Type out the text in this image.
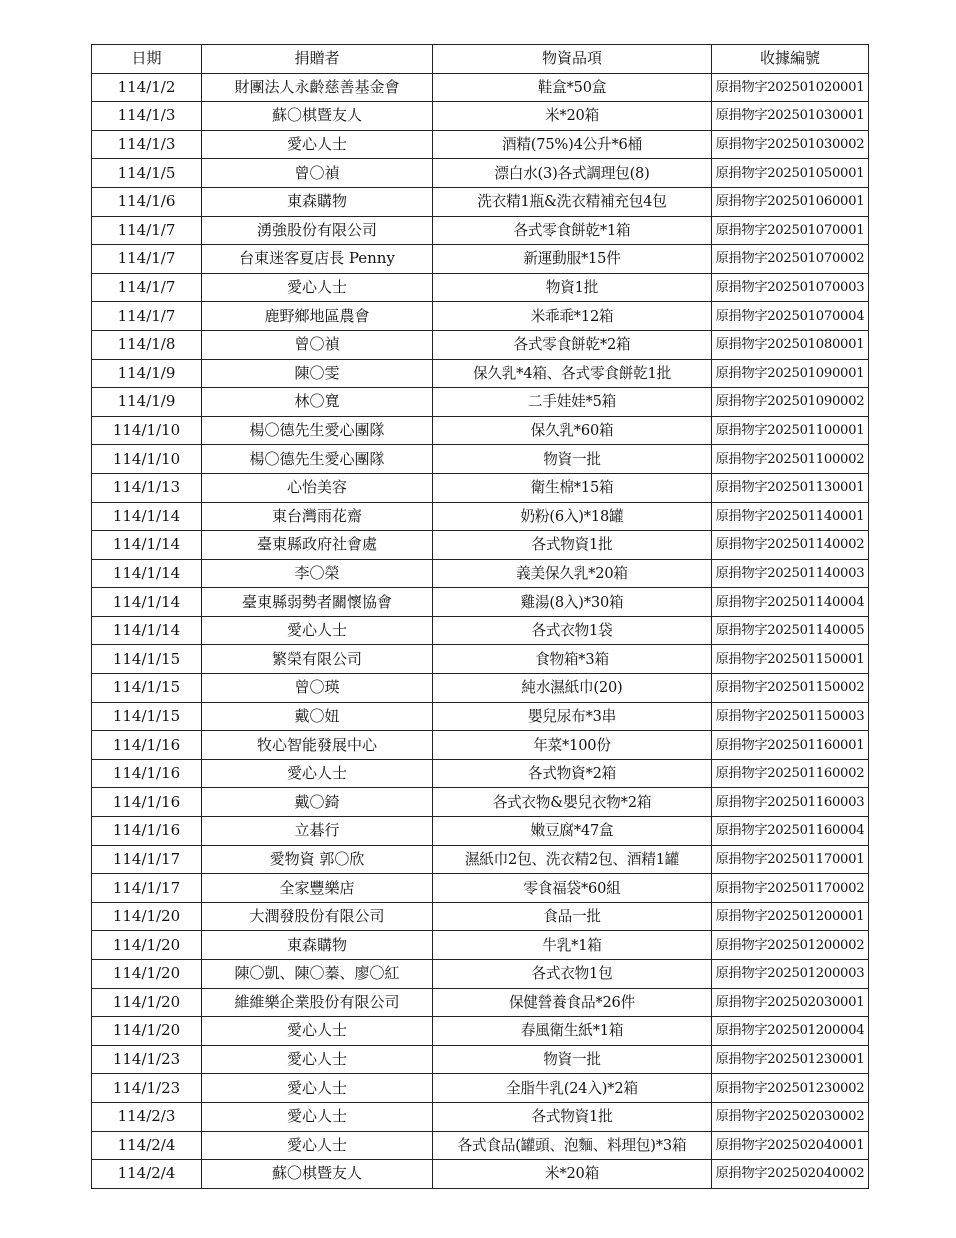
日期	捐贈者	物資品項	收據編號
114/1/2	財團法人永齡慈善基金會	鞋盒*50盒	原捐物字202501020001
114/1/3	蘇〇棋暨友人	米*20箱	原捐物字202501030001
114/1/3	愛心人士	酒精(75%)4公升*6桶	原捐物字202501030002
114/1/5	曾〇禎	漂白水(3)各式調理包(8)	原捐物字202501050001
114/1/6	東森購物	洗衣精1瓶&洗衣精補充包4包	原捐物字202501060001
114/1/7	湧強股份有限公司	各式零食餅乾*1箱	原捐物字202501070001
114/1/7	台東迷客夏店長 Penny	新運動服*15件	原捐物字202501070002
114/1/7	愛心人士	物資1批	原捐物字202501070003
114/1/7	鹿野鄉地區農會	米乖乖*12箱	原捐物字202501070004
114/1/8	曾〇禎	各式零食餅乾*2箱	原捐物字202501080001
114/1/9	陳〇雯	保久乳*4箱、各式零食餅乾1批	原捐物字202501090001
114/1/9	林〇寬	二手娃娃*5箱	原捐物字202501090002
114/1/10	楊〇德先生愛心團隊	保久乳*60箱	原捐物字202501100001
114/1/10	楊〇德先生愛心團隊	物資一批	原捐物字202501100002
114/1/13	心怡美容	衛生棉*15箱	原捐物字202501130001
114/1/14	東台灣雨花齋	奶粉(6入)*18罐	原捐物字202501140001
114/1/14	臺東縣政府社會處	各式物資1批	原捐物字202501140002
114/1/14	李〇榮	義美保久乳*20箱	原捐物字202501140003
114/1/14	臺東縣弱勢者關懷協會	雞湯(8入)*30箱	原捐物字202501140004
114/1/14	愛心人士	各式衣物1袋	原捐物字202501140005
114/1/15	繁榮有限公司	食物箱*3箱	原捐物字202501150001
114/1/15	曾〇瑛	純水濕紙巾(20)	原捐物字202501150002
114/1/15	戴〇妞	嬰兒尿布*3串	原捐物字202501150003
114/1/16	牧心智能發展中心	年菜*100份	原捐物字202501160001
114/1/16	愛心人士	各式物資*2箱	原捐物字202501160002
114/1/16	戴〇錡	各式衣物&嬰兒衣物*2箱	原捐物字202501160003
114/1/16	立碁行	嫩豆腐*47盒	原捐物字202501160004
114/1/17	愛物資 郭〇欣	濕紙巾2包、洗衣精2包、酒精1罐	原捐物字202501170001
114/1/17	全家豐樂店	零食福袋*60組	原捐物字202501170002
114/1/20	大潤發股份有限公司	食品一批	原捐物字202501200001
114/1/20	東森購物	牛乳*1箱	原捐物字202501200002
114/1/20	陳〇凱、陳〇蓁、廖〇紅	各式衣物1包	原捐物字202501200003
114/1/20	維維樂企業股份有限公司	保健營養食品*26件	原捐物字202502030001
114/1/20	愛心人士	春風衛生紙*1箱	原捐物字202501200004
114/1/23	愛心人士	物資一批	原捐物字202501230001
114/1/23	愛心人士	全脂牛乳(24入)*2箱	原捐物字202501230002
114/2/3	愛心人士	各式物資1批	原捐物字202502030002
114/2/4	愛心人士	各式食品(罐頭、泡麵、料理包)*3箱	原捐物字202502040001
114/2/4	蘇〇棋暨友人	米*20箱	原捐物字202502040002
